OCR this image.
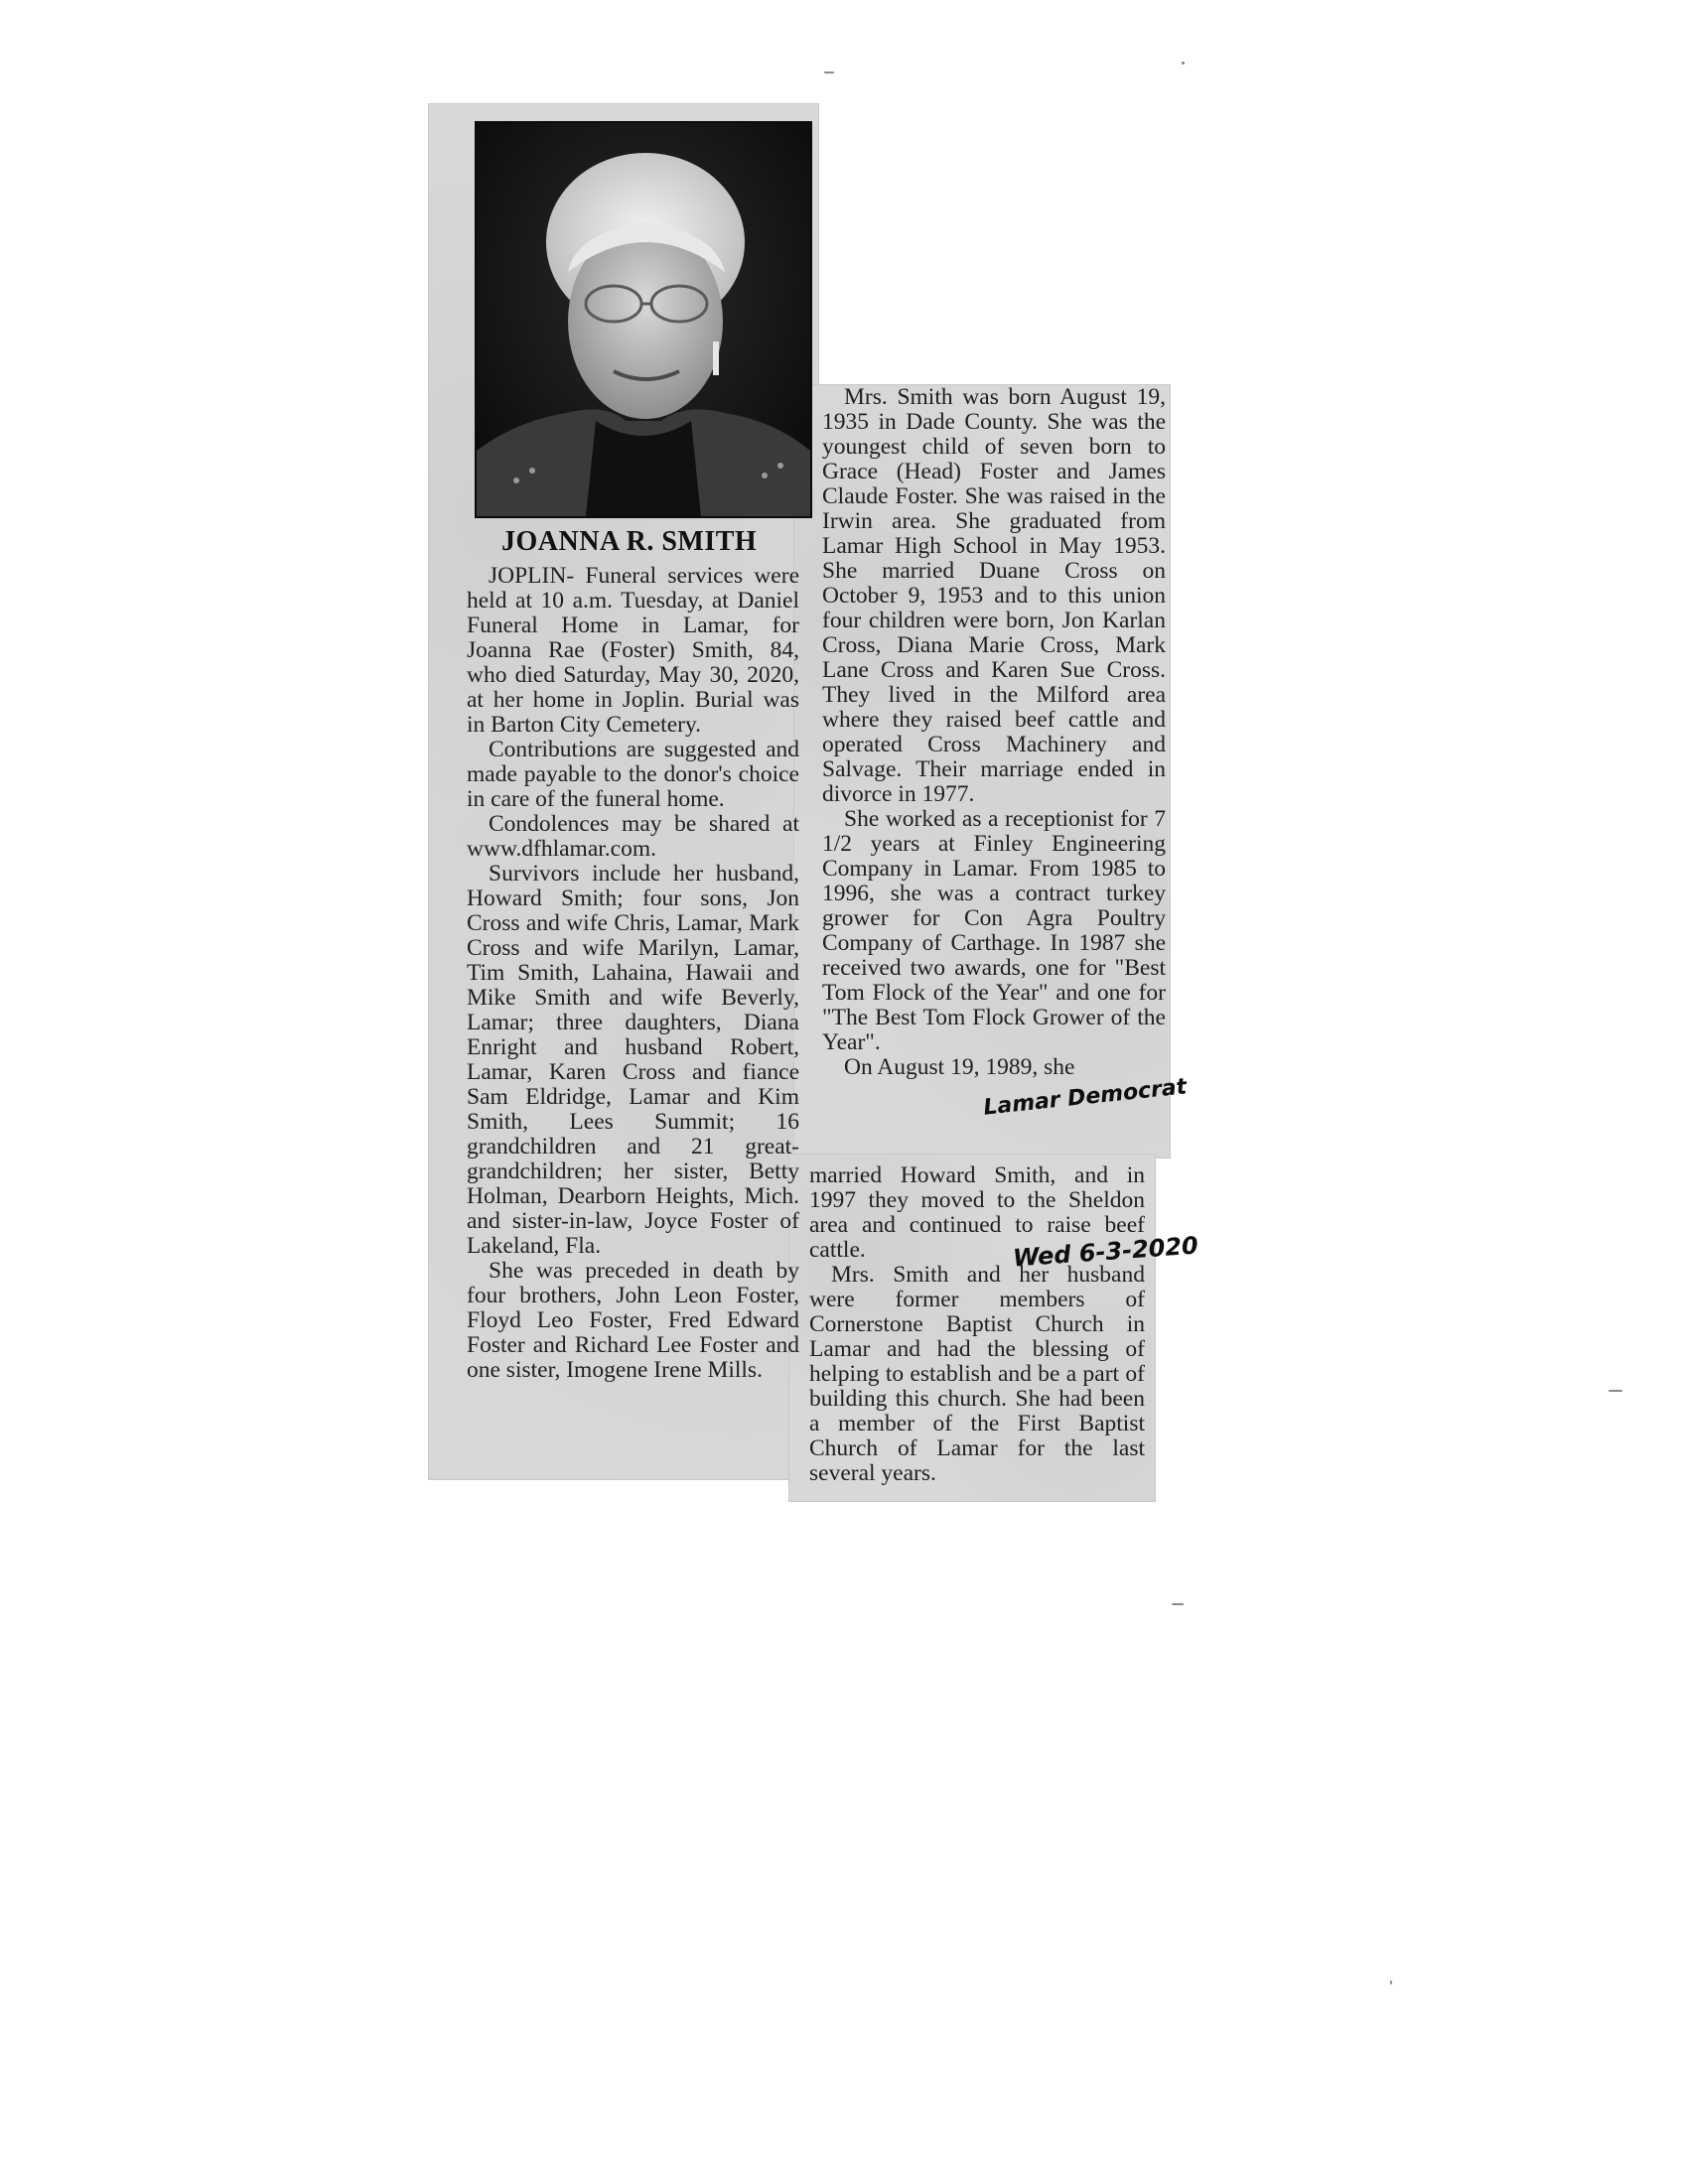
JOANNA R. SMITH

JOPLIN- Funeral services were held at 10 a.m. Tuesday, at Daniel Funeral Home in Lamar, for Joanna Rae (Foster) Smith, 84, who died Saturday, May 30, 2020, at her home in Joplin. Burial was in Barton City Cemetery.

Contributions are suggested and made payable to the donor's choice in care of the funeral home.

Condolences may be shared at www.dfhlamar.com.

Survivors include her husband, Howard Smith; four sons, Jon Cross and wife Chris, Lamar, Mark Cross and wife Marilyn, Lamar, Tim Smith, Lahaina, Hawaii and Mike Smith and wife Beverly, Lamar; three daughters, Diana Enright and husband Robert, Lamar, Karen Cross and fiance Sam Eldridge, Lamar and Kim Smith, Lees Summit; 16 grandchildren and 21 great-grandchildren; her sister, Betty Holman, Dearborn Heights, Mich. and sister-in-law, Joyce Foster of Lakeland, Fla.

She was preceded in death by four brothers, John Leon Foster, Floyd Leo Foster, Fred Edward Foster and Richard Lee Foster and one sister, Imogene Irene Mills.

Mrs. Smith was born August 19, 1935 in Dade County. She was the youngest child of seven born to Grace (Head) Foster and James Claude Foster. She was raised in the Irwin area. She graduated from Lamar High School in May 1953. She married Duane Cross on October 9, 1953 and to this union four children were born, Jon Karlan Cross, Diana Marie Cross, Mark Lane Cross and Karen Sue Cross. They lived in the Milford area where they raised beef cattle and operated Cross Machinery and Salvage. Their marriage ended in divorce in 1977.

She worked as a receptionist for 7 1/2 years at Finley Engineering Company in Lamar. From 1985 to 1996, she was a contract turkey grower for Con Agra Poultry Company of Carthage. In 1987 she received two awards, one for "Best Tom Flock of the Year" and one for "The Best Tom Flock Grower of the Year".

On August 19, 1989, she

married Howard Smith, and in 1997 they moved to the Sheldon area and continued to raise beef cattle.

Mrs. Smith and her husband were former members of Cornerstone Baptist Church in Lamar and had the blessing of helping to establish and be a part of building this church. She had been a member of the First Baptist Church of Lamar for the last several years.

Lamar Democrat
Wed 6-3-2020
